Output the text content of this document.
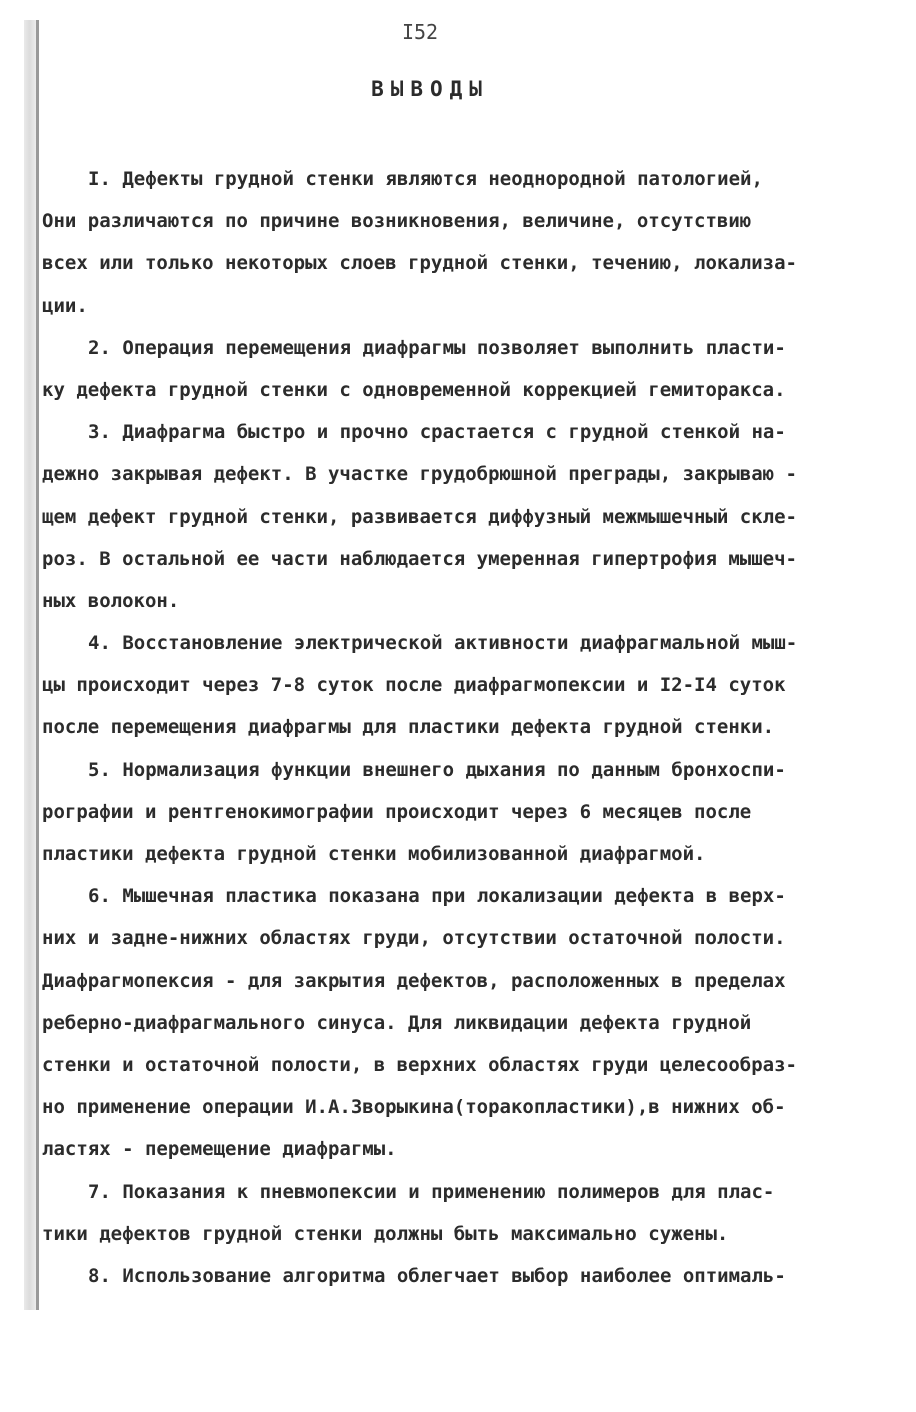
I52
ВЫВОДЫ
I. Дефекты грудной стенки являются неоднородной патологией,
Они различаются по причине возникновения, величине, отсутствию
всех или только некоторых слоев грудной стенки, течению, локализа-
ции.
2. Операция перемещения диафрагмы позволяет выполнить пласти-
ку дефекта грудной стенки с одновременной коррекцией гемиторакса.
3. Диафрагма быстро и прочно срастается с грудной стенкой на-
дежно закрывая дефект. В участке грудобрюшной преграды, закрываю -
щем дефект грудной стенки, развивается диффузный межмышечный скле-
роз. В остальной ее части наблюдается умеренная гипертрофия мышеч-
ных волокон.
4. Восстановление электрической активности диафрагмальной мыш-
цы происходит через 7-8 суток после диафрагмопексии и I2-I4 суток
после перемещения диафрагмы для пластики дефекта грудной стенки.
5. Нормализация функции внешнего дыхания по данным бронхоспи-
рографии и рентгенокимографии происходит через 6 месяцев после
пластики дефекта грудной стенки мобилизованной диафрагмой.
6. Мышечная пластика показана при локализации дефекта в верх-
них и задне-нижних областях груди, отсутствии остаточной полости.
Диафрагмопексия - для закрытия дефектов, расположенных в пределах
реберно-диафрагмального синуса. Для ликвидации дефекта грудной
стенки и остаточной полости, в верхних областях груди целесообраз-
но применение операции И.А.Зворыкина(торакопластики),в нижних об-
ластях - перемещение диафрагмы.
7. Показания к пневмопексии и применению полимеров для плас-
тики дефектов грудной стенки должны быть максимально сужены.
8. Использование алгоритма облегчает выбор наиболее оптималь-
